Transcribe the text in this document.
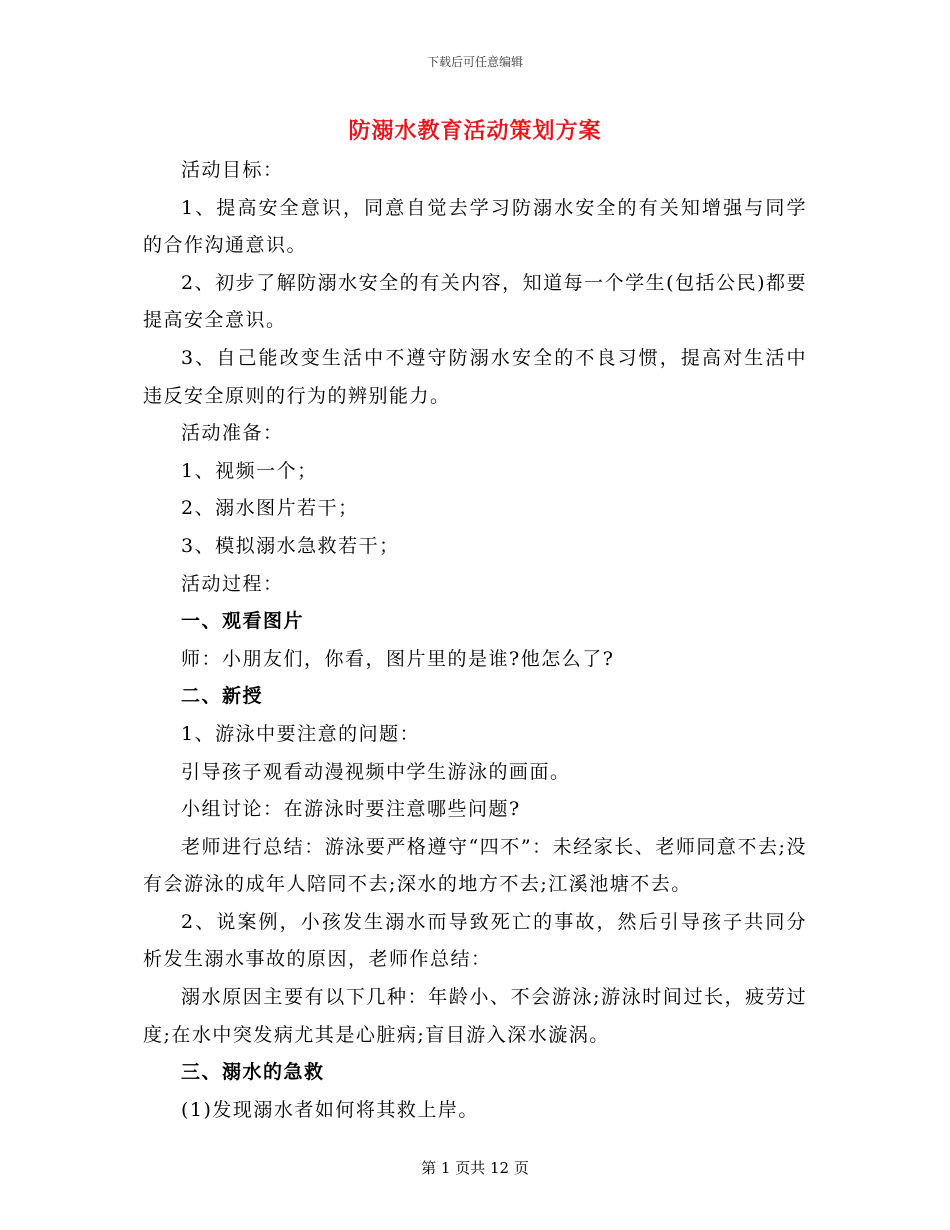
下载后可任意编辑
防溺水教育活动策划方案

活动目标：

1、提高安全意识，同意自觉去学习防溺水安全的有关知增强与同学的合作沟通意识。

2、初步了解防溺水安全的有关内容，知道每一个学生(包括公民)都要提高安全意识。

3、自己能改变生活中不遵守防溺水安全的不良习惯，提高对生活中违反安全原则的行为的辨别能力。

活动准备：

1、视频一个；

2、溺水图片若干；

3、模拟溺水急救若干；

活动过程：

一、观看图片

师：小朋友们，你看，图片里的是谁?他怎么了?

二、新授

1、游泳中要注意的问题：

引导孩子观看动漫视频中学生游泳的画面。

小组讨论：在游泳时要注意哪些问题?

老师进行总结：游泳要严格遵守“四不”：未经家长、老师同意不去;没有会游泳的成年人陪同不去;深水的地方不去;江溪池塘不去。

2、说案例，小孩发生溺水而导致死亡的事故，然后引导孩子共同分析发生溺水事故的原因，老师作总结：

溺水原因主要有以下几种：年龄小、不会游泳;游泳时间过长，疲劳过度;在水中突发病尤其是心脏病;盲目游入深水漩涡。

三、溺水的急救

(1)发现溺水者如何将其救上岸。

第 1 页共 12 页
